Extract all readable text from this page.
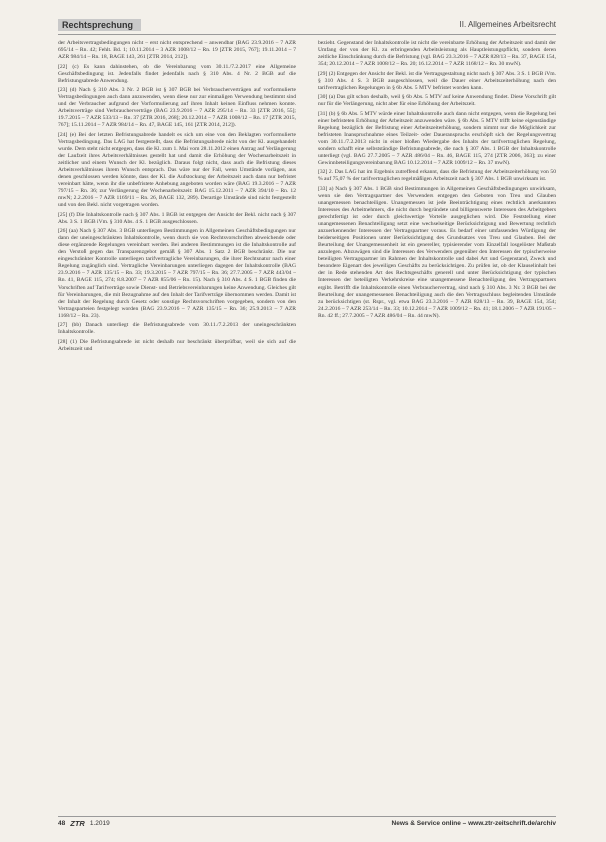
Rechtsprechung	II. Allgemeines Arbeitsrecht

der Arbeitsvertragsbedingungen nicht – erst nicht entsprechend – anwendbar (BAG 23.9.2016 – 7 AZR 695/14 – Rn. 42; Fehlt. Bd. 1; 10.11.2014 – 3 AZR 1008/12 – Rn. 19 [ZTR 2015, 767]; 19.11.2014 – 7 AZR 984/14 – Rn. 18, BAGE 143, 261 [ZTR 2014, 212]).

[22] (c) Es kann dahinstehen, ob die Vereinbarung vom 30.11./7.2.2017 eine Allgemeine Geschäftsbedingung ist. Jedenfalls findet jedenfalls nach § 310 Abs. 4 Nr. 2 BGB auf die Befristungsabrede Anwendung.

[23] (d) Nach § 310 Abs. 3 Nr. 2 BGB ist § 307 BGB bei Verbraucherverträgen auf vorformulierte Vertragsbedingungen auch dann anzuwenden, wenn diese nur zur einmaligen Verwendung bestimmt sind und der Verbraucher aufgrund der Vorformulierung auf ihren Inhalt keinen Einfluss nehmen konnte. Arbeitsverträge sind Verbraucherverträge (BAG 23.9.2016 – 7 AZR 295/14 – Rn. 33 [ZTR 2016, 55]; 19.7.2015 – 7 AZR 533/13 – Rn. 37 [ZTR 2016, 268]; 20.12.2014 – 7 AZR 1008/12 – Rn. 17 [ZTR 2015, 767]; 15.11.2014 – 7 AZR 984/14 – Rn. 47, BAGE 145, 161 [ZTR 2014, 212]).

[24] (e) Bei der letzten Befristungsabrede handelt es sich um eine von den Beklagten vorformulierte Vertragsbedingung. Das LAG hat festgestellt, dass die Befristungsabrede nicht von der Kl. ausgehandelt wurde. Dem steht nicht entgegen, dass die Kl. zum 1. Mai vom 28.11.2012 einen Antrag auf Verlängerung der Laufzeit ihres Arbeitsverhältnisses gestellt hat und damit die Erhöhung der Wochenarbeitszeit in zeitlicher und einem Wunsch der Kl. bezüglich. Daraus folgt nicht, dass auch die Befristung dieses Arbeitsverhältnisses ihrem Wunsch entsprach. Das wäre nur der Fall, wenn Umstände vorlägen, aus denen geschlossen werden könnte, dass der Kl. die Aufstockung der Arbeitszeit auch dann nur befristet vereinbart hätte, wenn ihr die unbefristete Anhebung angeboten worden wäre (BAG 19.3.2016 – 7 AZR 797/15 – Rn. 36; zur Verlängerung der Wochenarbeitszeit: BAG 15.12.2011 – 7 AZR 394/10 – Rn. 12 mwN; 2.2.2016 – 7 AZR 1169/11 – Rn. 26, BAGE 132, 289). Derartige Umstände sind nicht festgestellt und von den Bekl. nicht vorgetragen worden.

[25] (f) Die Inhaltskontrolle nach § 307 Abs. 1 BGB ist entgegen der Ansicht der Bekl. nicht nach § 307 Abs. 3 S. 1 BGB iVm. § 310 Abs. 4 S. 1 BGB ausgeschlossen.

[26] (aa) Nach § 307 Abs. 3 BGB unterliegen Bestimmungen in Allgemeinen Geschäftsbedingungen nur dann der uneingeschränkten Inhaltskontrolle, wenn durch sie von Rechtsvorschriften abweichende oder diese ergänzende Regelungen vereinbart werden. Bei anderen Bestimmungen ist die Inhaltskontrolle auf den Verstoß gegen das Transparenzgebot gemäß § 307 Abs. 1 Satz 2 BGB beschränkt. Die nur eingeschränkter Kontrolle unterliegen tarifvertragliche Vereinbarungen, die ihrer Rechtsnatur nach einer Regelung zugänglich sind. Vertragliche Vereinbarungen unterliegen dagegen der Inhaltskontrolle (BAG 23.9.2016 – 7 AZR 135/15 – Rn. 33; 19.3.2015 – 7 AZR 797/15 – Rn. 36; 27.7.2005 – 7 AZR 443/04 – Rn. 41, BAGE 115, 274; 8.8.2007 – 7 AZR 855/06 – Rn. 15). Nach § 310 Abs. 4 S. 1 BGB finden die Vorschriften auf Tarifverträge sowie Dienst- und Betriebsvereinbarungen keine Anwendung. Gleiches gilt für Vereinbarungen, die mit Bezugnahme auf den Inhalt der Tarifverträge übernommen werden. Damit ist der Inhalt der Regelung durch Gesetz oder sonstige Rechtsvorschriften vorgegeben, sondern von den Vertragsparteien festgelegt worden (BAG 23.9.2016 – 7 AZR 135/15 – Rn. 36; 25.9.2013 – 7 AZR 1168/12 – Rn. 23).

[27] (bb) Danach unterliegt die Befristungsabrede vom 30.11./7.2.2013 der uneingeschränkten Inhaltskontrolle.

[28] (1) Die Befristungsabrede ist nicht deshalb nur beschränkt überprüfbar, weil sie sich auf die Arbeitszeit und

bezieht. Gegenstand der Inhaltskontrolle ist nicht die vereinbarte Erhöhung der Arbeitszeit und damit der Umfang der von der Kl. zu erbringenden Arbeitsleistung als Hauptleistungspflicht, sondern deren zeitliche Einschränkung durch die Befristung (vgl. BAG 23.3.2016 – 7 AZR 828/13 – Rn. 37, BAGE 154, 354; 20.12.2014 – 7 AZR 1008/12 – Rn. 20; 16.12.2014 – 7 AZR 1168/12 – Rn. 30 mwN).

[29] (2) Entgegen der Ansicht der Bekl. ist die Vertragsgestaltung nicht nach § 307 Abs. 3 S. 1 BGB iVm. § 310 Abs. 4 S. 3 BGB ausgeschlossen, weil die Dauer einer Arbeitszeiterhöhung nach den tarifvertraglichen Regelungen in § 6b Abs. 5 MTV befristet worden kann.

[30] (a) Das gilt schon deshalb, weil § 6b Abs. 5 MTV auf keine Anwendung findet. Diese Vorschrift gilt nur für die Verlängerung, nicht aber für eine Erhöhung der Arbeitszeit.

[31] (b) § 6b Abs. 5 MTV würde einer Inhaltskontrolle auch dann nicht entgegen, wenn die Regelung bei einer befristeten Erhöhung der Arbeitszeit anzuwenden wäre. § 6b Abs. 5 MTV trifft keine eigenständige Regelung bezüglich der Befristung einer Arbeitszeiterhöhung, sondern nimmt nur die Möglichkeit zur befristeten Inanspruchnahme eines Teilzeit- oder Daueranspruchs erschöpft sich der Regelungsvertrag vom 30.11./7.2.2013 nicht in einer bloßen Wiedergabe des Inhalts der tarifvertraglichen Regelung, sondern schafft eine selbstständige Befristungsabrede, die nach § 307 Abs. 1 BGB der Inhaltskontrolle unterliegt (vgl. BAG 27.7.2005 – 7 AZR 486/04 – Rn. 46, BAGE 115, 274 [ZTR 2006, 363]; zu einer Gewinnbeteiligungsvereinbarung BAG 10.12.2014 – 7 AZR 1009/12 – Rn. 37 mwN).

[32] 2. Das LAG hat im Ergebnis zutreffend erkannt, dass die Befristung der Arbeitszeiterhöhung von 50 % auf 75,07 % der tarifvertraglichen regelmäßigen Arbeitszeit nach § 307 Abs. 1 BGB unwirksam ist.

[33] a) Nach § 307 Abs. 1 BGB sind Bestimmungen in Allgemeinen Geschäftsbedingungen unwirksam, wenn sie den Vertragspartner des Verwenders entgegen den Geboten von Treu und Glauben unangemessen benachteiligen. Unangemessen ist jede Beeinträchtigung eines rechtlich anerkannten Interesses des Arbeitnehmers, die nicht durch begründete und billigenswerte Interessen des Arbeitgebers gerechtfertigt ist oder durch gleichwertige Vorteile ausgeglichen wird. Die Feststellung einer unangemessenen Benachteiligung setzt eine wechselseitige Berücksichtigung und Bewertung rechtlich anzuerkennender Interessen der Vertragspartner voraus. Es bedarf einer umfassenden Würdigung der beiderseitigen Positionen unter Berücksichtigung des Grundsatzes von Treu und Glauben. Bei der Beurteilung der Unangemessenheit ist ein genereller, typisierender vom Einzelfall losgelöster Maßstab anzulegen. Abzuwägen sind die Interessen des Verwenders gegenüber den Interessen der typischerweise beteiligten Vertragspartner im Rahmen der Inhaltskontrolle und dabei Art und Gegenstand, Zweck und besondere Eigenart des jeweiligen Geschäfts zu berücksichtigen. Zu prüfen ist, ob der Klauselinhalt bei der in Rede stehenden Art des Rechtsgeschäfts generell und unter Berücksichtigung der typischen Interessen der beteiligten Verkehrskreise eine unangemessene Benachteiligung des Vertragspartners ergibt. Betrifft die Inhaltskontrolle einen Verbrauchervertrag, sind nach § 310 Abs. 3 Nr. 3 BGB bei der Beurteilung der unangemessenen Benachteiligung auch die den Vertragsschluss begleitenden Umstände zu berücksichtigen (st. Rspr., vgl. etwa BAG 23.3.2016 – 7 AZR 828/13 – Rn. 39, BAGE 154, 354; 24.2.2016 – 7 AZR 253/14 – Rn. 33; 10.12.2014 – 7 AZR 1009/12 – Rn. 41; 18.1.2006 – 7 AZR 191/05 – Rn. 42 ff.; 27.7.2005 – 7 AZR 486/04 – Rn. 44 mwN).

48 ZTR 1.2019	News & Service online – www.ztr-zeitschrift.de/archiv
